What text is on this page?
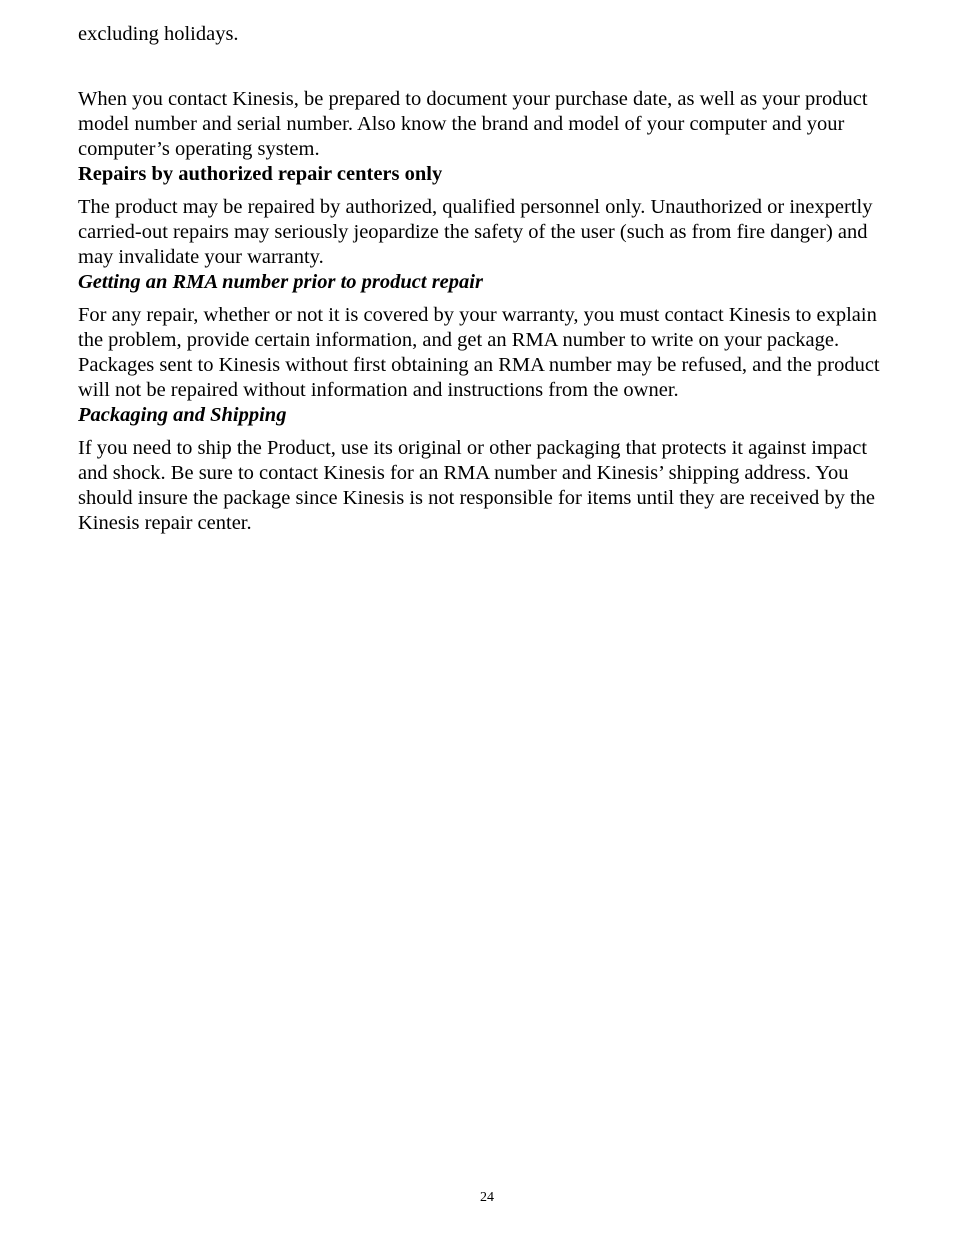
excluding holidays.

When you contact Kinesis, be prepared to document your purchase date, as well as your product model number and serial number. Also know the brand and model of your computer and your computer’s operating system.

Repairs by authorized repair centers only

The product may be repaired by authorized, qualified personnel only. Unauthorized or inexpertly carried-out repairs may seriously jeopardize the safety of the user (such as from fire danger) and may invalidate your warranty.

Getting an RMA number prior to product repair

For any repair, whether or not it is covered by your warranty, you must contact Kinesis to explain the problem, provide certain information, and get an RMA number to write on your package. Packages sent to Kinesis without first obtaining an RMA number may be refused, and the product will not be repaired without information and instructions from the owner.

Packaging and Shipping

If you need to ship the Product, use its original or other packaging that protects it against impact and shock. Be sure to contact Kinesis for an RMA number and Kinesis’ shipping address. You should insure the package since Kinesis is not responsible for items until they are received by the Kinesis repair center.

24
